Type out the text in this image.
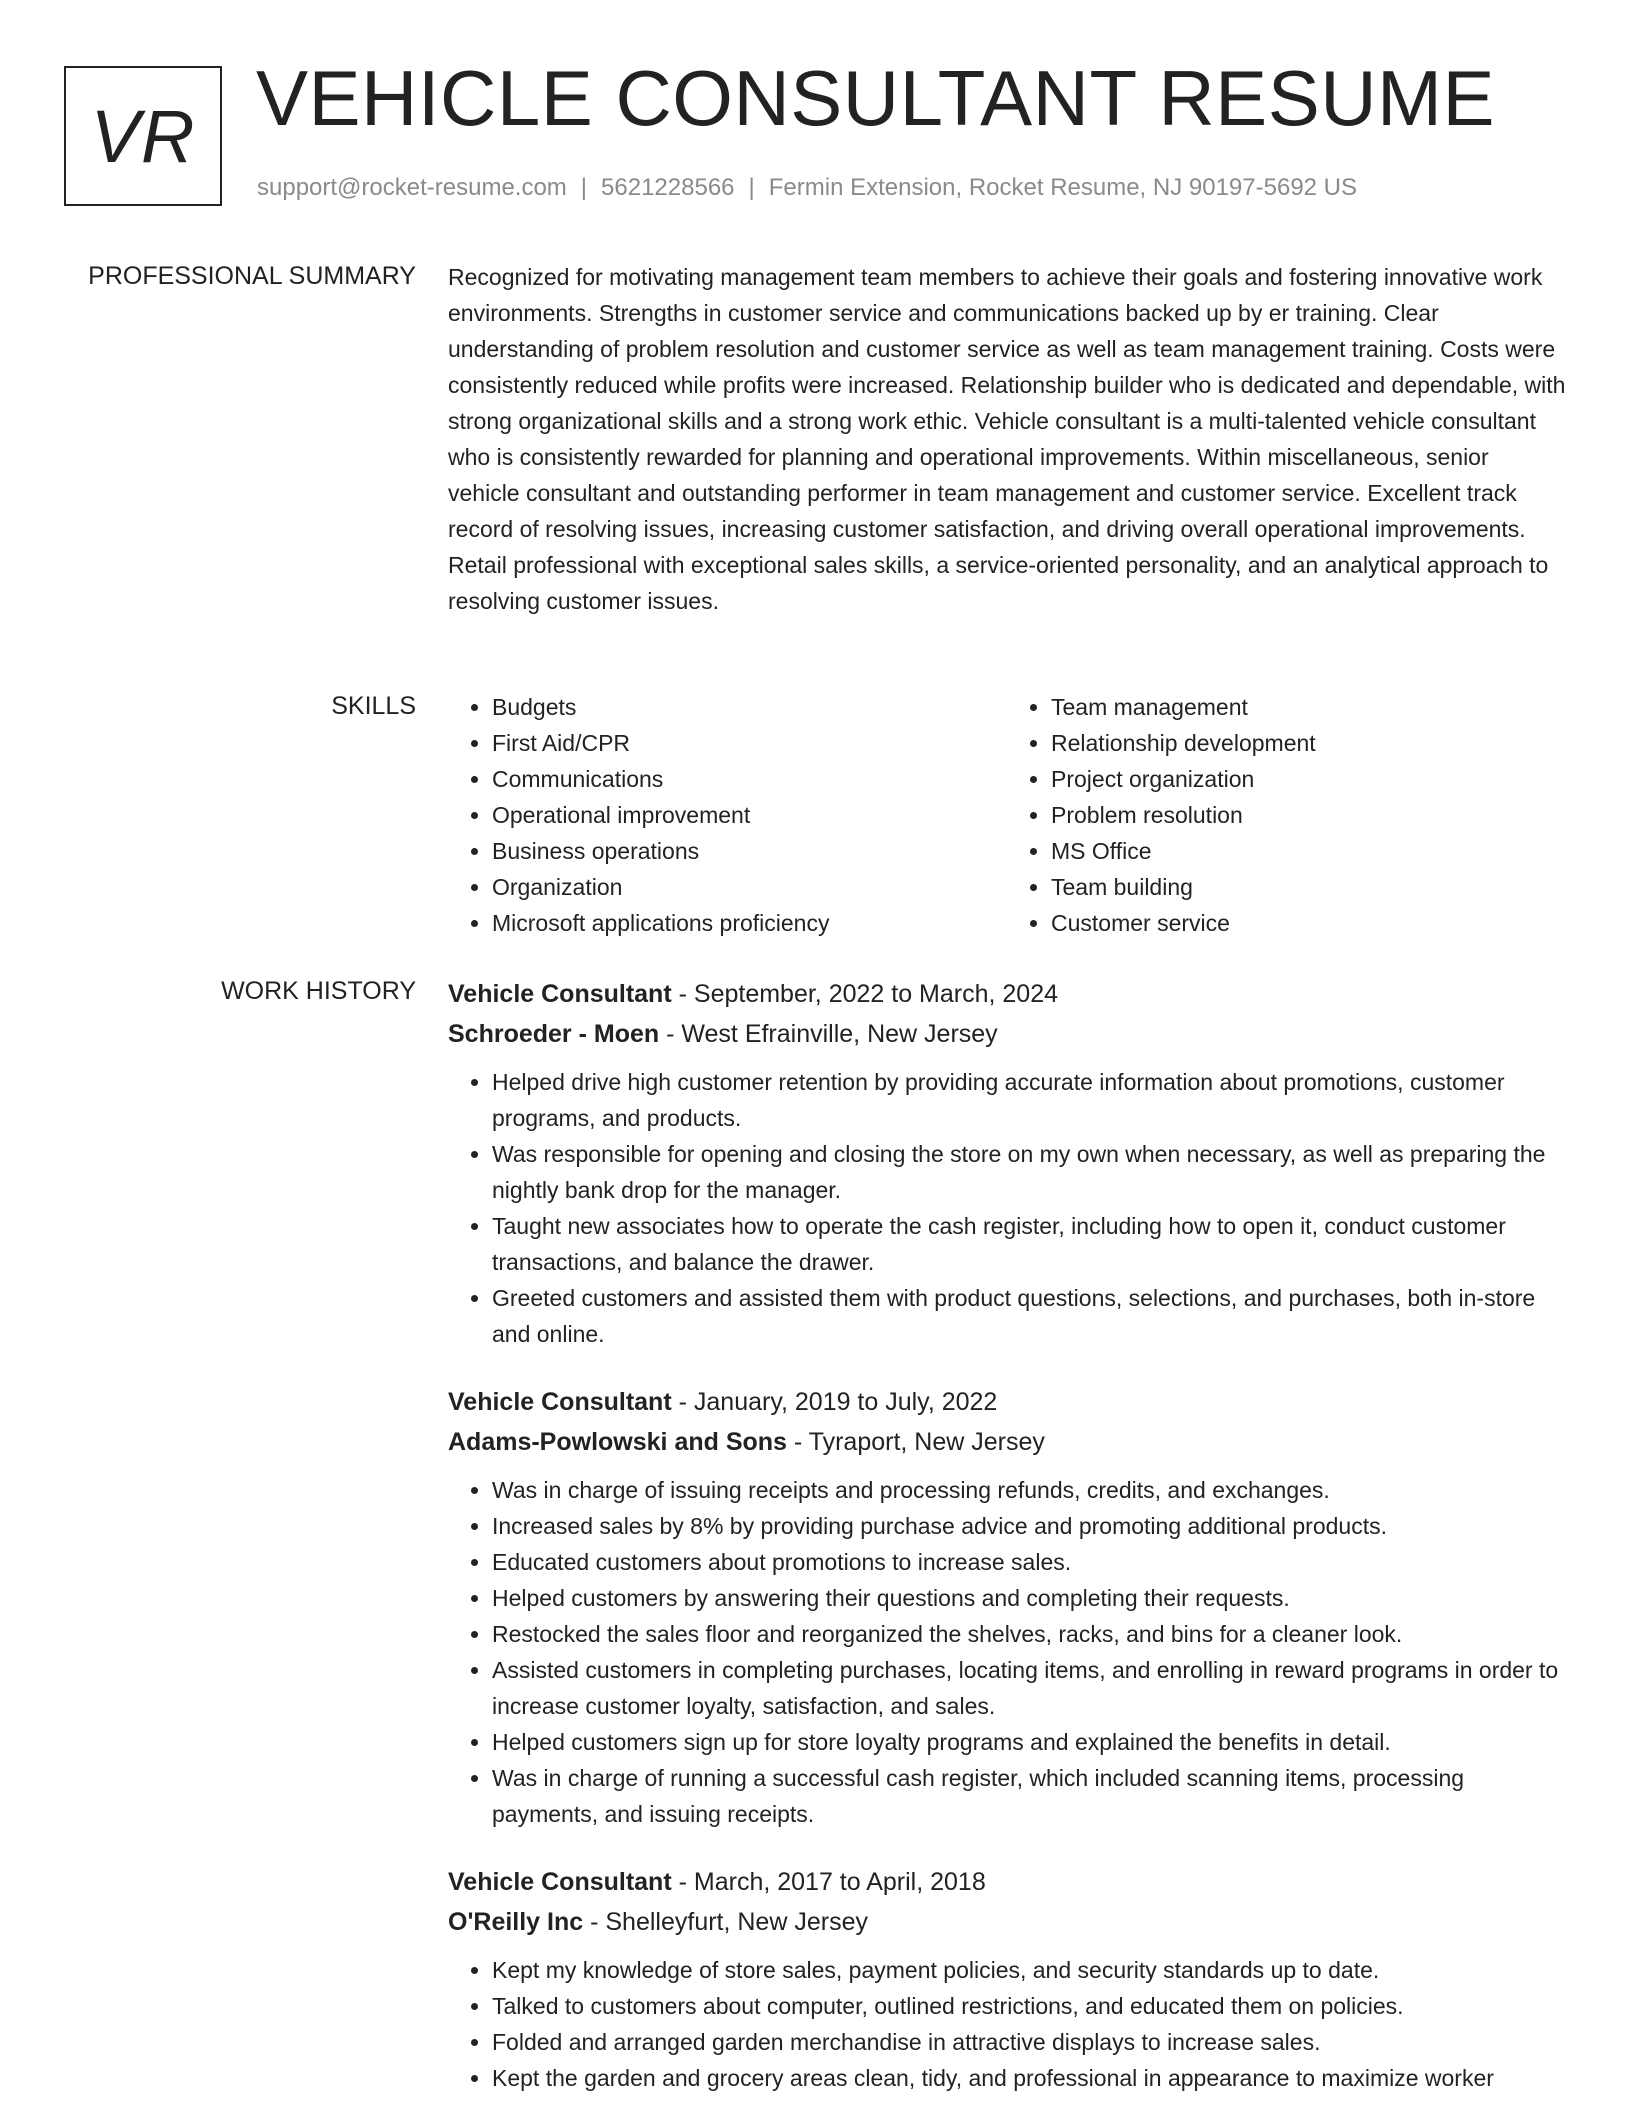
VR VEHICLE CONSULTANT RESUME
support@rocket-resume.com | 5621228566 | Fermin Extension, Rocket Resume, NJ 90197-5692 US
PROFESSIONAL SUMMARY Recognized for motivating management team members to achieve their goals and fostering innovative work environments. Strengths in customer service and communications backed up by er training. Clear understanding of problem resolution and customer service as well as team management training. Costs were consistently reduced while profits were increased. Relationship builder who is dedicated and dependable, with strong organizational skills and a strong work ethic. Vehicle consultant is a multi-talented vehicle consultant who is consistently rewarded for planning and operational improvements. Within miscellaneous, senior vehicle consultant and outstanding performer in team management and customer service. Excellent track record of resolving issues, increasing customer satisfaction, and driving overall operational improvements. Retail professional with exceptional sales skills, a service-oriented personality, and an analytical approach to resolving customer issues.

SKILLS
•	Budgets
• First Aid/CPR
• Communications
• Operational improvement
• Business operations
• Organization
• Microsoft applications proficiency
• Team management
• Relationship development
• Project organization
• Problem resolution
• MS Office
• Team building
• Customer service
WORK HISTORY Vehicle Consultant - September, 2022 to March, 2024
Schroeder - Moen - West Efrainville, New Jersey
• Helped drive high customer retention by providing accurate information about promotions, customer programs, and products.
• Was responsible for opening and closing the store on my own when necessary, as well as preparing the nightly bank drop for the manager.
• Taught new associates how to operate the cash register, including how to open it, conduct customer transactions, and balance the drawer.
• Greeted customers and assisted them with product questions, selections, and purchases, both in-store and online.
Vehicle Consultant - January, 2019 to July, 2022
Adams-Powlowski and Sons - Tyraport, New Jersey
• Was in charge of issuing receipts and processing refunds, credits, and exchanges.
• Increased sales by 8% by providing purchase advice and promoting additional products.
• Educated customers about promotions to increase sales.
• Helped customers by answering their questions and completing their requests.
• Restocked the sales floor and reorganized the shelves, racks, and bins for a cleaner look.
• Assisted customers in completing purchases, locating items, and enrolling in reward programs in order to increase customer loyalty, satisfaction, and sales.
• Helped customers sign up for store loyalty programs and explained the benefits in detail.
• Was in charge of running a successful cash register, which included scanning items, processing payments, and issuing receipts.
Vehicle Consultant - March, 2017 to April, 2018
O'Reilly Inc - Shelleyfurt, New Jersey
• Kept my knowledge of store sales, payment policies, and security standards up to date.
• Talked to customers about computer, outlined restrictions, and educated them on policies.
• Folded and arranged garden merchandise in attractive displays to increase sales.
• Kept the garden and grocery areas clean, tidy, and professional in appearance to maximize worker
